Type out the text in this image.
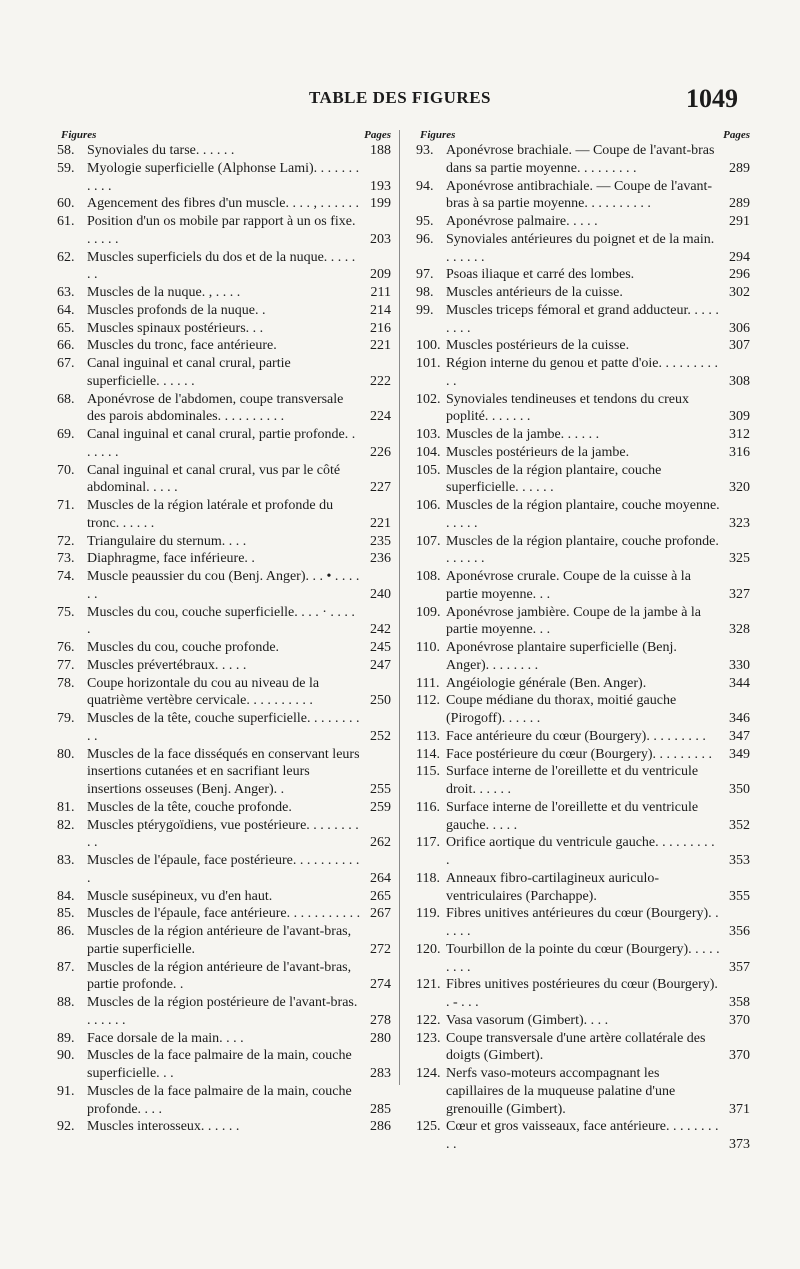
TABLE DES FIGURES	1049
Figures	Pages
58. Synoviales du tarse. . . . . .	188
59. Myologie superficielle (Alphonse Lami). . . . . . . . . . .	193
60. Agencement des fibres d'un muscle. . . . , . . . . . . 199
61. Position d'un os mobile par rapport à un os fixe. . . . . .	203
62. Muscles superficiels du dos et de la nuque. . . . . . .	209
63. Muscles de la nuque. , . . . .	211
64. Muscles profonds de la nuque. .	214
65. Muscles spinaux postérieurs. . .	216
66. Muscles du tronc, face antérieure.	221
67. Canal inguinal et canal crural, partie superficielle. . . . . .	222
68. Aponévrose de l'abdomen, coupe transversale des parois abdominales. . . . . . . . . .	224
69. Canal inguinal et canal crural, partie profonde. . . . . . .	226
70. Canal inguinal et canal crural, vus par le côté abdominal. . . . .	227
71. Muscles de la région latérale et profonde du tronc. . . . . .	221
72. Triangulaire du sternum. . . .	235
73. Diaphragme, face inférieure. .	236
74. Muscle peaussier du cou (Benj. Anger). . . • . . . . . .	240
75. Muscles du cou, couche superficielle. . . . · . . . . .	242
76. Muscles du cou, couche profonde.	245
77. Muscles prévertébraux. . . . .	247
78. Coupe horizontale du cou au niveau de la quatrième vertèbre cervicale. . . . . . . . . .	250
79. Muscles de la tête, couche superficielle. . . . . . . . . .	252
80. Muscles de la face disséqués en conservant leurs insertions cutanées et en sacrifiant leurs insertions osseuses (Benj. Anger). .	255
81. Muscles de la tête, couche profonde.	259
82. Muscles ptérygoïdiens, vue postérieure. . . . . . . . . .	262
83. Muscles de l'épaule, face postérieure. . . . . . . . . . .	264
84. Muscle susépineux, vu d'en haut.	265
85. Muscles de l'épaule, face antérieure. . . . . . . . . . . 267
86. Muscles de la région antérieure de l'avant-bras, partie superficielle.	272
87. Muscles de la région antérieure de l'avant-bras, partie profonde. .	274
88. Muscles de la région postérieure de l'avant-bras. . . . . . .	278
89. Face dorsale de la main. . . .	280
90. Muscles de la face palmaire de la main, couche superficielle. . .	283
91. Muscles de la face palmaire de la main, couche profonde. . . .	285
92. Muscles interosseux. . . . . .	286
Figures	Pages
93. Aponévrose brachiale. — Coupe de l'avant-bras dans sa partie moyenne. . . . . . . . .	289
94. Aponévrose antibrachiale. — Coupe de l'avant-bras à sa partie moyenne. . . . . . . . . .	289
95. Aponévrose palmaire. . . . .	291
96. Synoviales antérieures du poignet et de la main. . . . . . .	294
97. Psoas iliaque et carré des lombes.	296
98. Muscles antérieurs de la cuisse.	302
99. Muscles triceps fémoral et grand adducteur. . . . . . . . .	306
100. Muscles postérieurs de la cuisse.	307
101. Région interne du genou et patte d'oie. . . . . . . . . . .	308
102. Synoviales tendineuses et tendons du creux poplité. . . . . . .	309
103. Muscles de la jambe. . . . . .	312
104. Muscles postérieurs de la jambe.	316
105. Muscles de la région plantaire, couche superficielle. . . . . .	320
106. Muscles de la région plantaire, couche moyenne. . . . . .	323
107. Muscles de la région plantaire, couche profonde. . . . . . .	325
108. Aponévrose crurale. Coupe de la cuisse à la partie moyenne. . .	327
109. Aponévrose jambière. Coupe de la jambe à la partie moyenne. . .	328
110. Aponévrose plantaire superficielle (Benj. Anger). . . . . . . .	330
111. Angéiologie générale (Ben. Anger).	344
112. Coupe médiane du thorax, moitié gauche (Pirogoff). . . . . .	346
113. Face antérieure du cœur (Bourgery). . . . . . . . .	347
114. Face postérieure du cœur (Bourgery). . . . . . . . .	349
115. Surface interne de l'oreillette et du ventricule droit. . . . . .	350
116. Surface interne de l'oreillette et du ventricule gauche. . . . .	352
117. Orifice aortique du ventricule gauche. . . . . . . . . .	353
118. Anneaux fibro-cartilagineux auriculo-ventriculaires (Parchappe).	355
119. Fibres unitives antérieures du cœur (Bourgery). . . . . .	356
120. Tourbillon de la pointe du cœur (Bourgery). . . . . . . . .	357
121. Fibres unitives postérieures du cœur (Bourgery). . - . . .	358
122. Vasa vasorum (Gimbert). . . .	370
123. Coupe transversale d'une artère collatérale des doigts (Gimbert).	370
124. Nerfs vaso-moteurs accompagnant les capillaires de la muqueuse palatine d'une grenouille (Gimbert).	371
125. Cœur et gros vaisseaux, face antérieure. . . . . . . . . .	373
